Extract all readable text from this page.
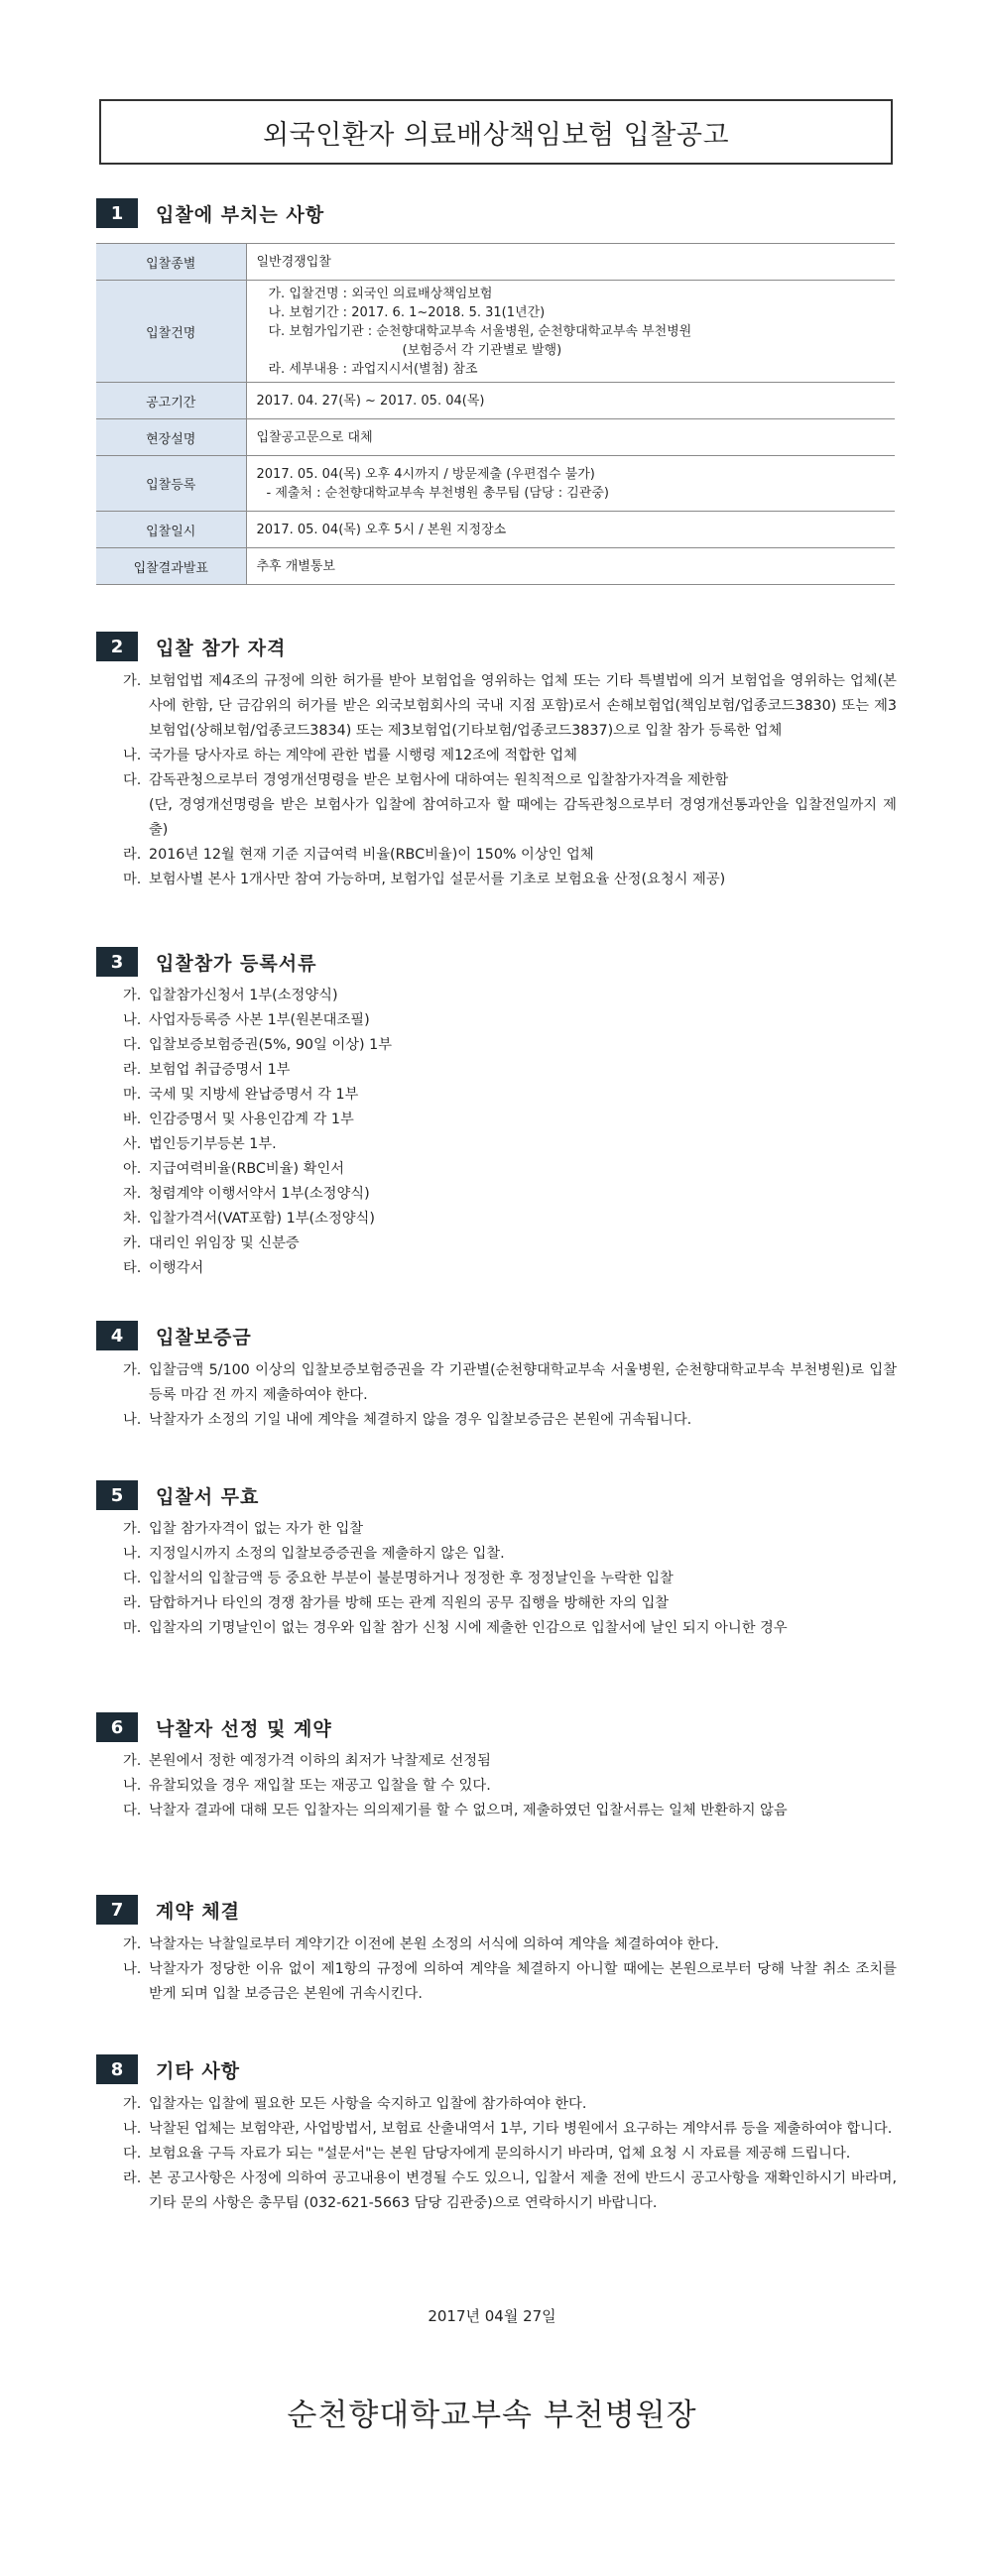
외국인환자 의료배상책임보험 입찰공고
1	입찰에 부치는 사항
입찰종별	일반경쟁입찰
입찰건명	가. 입찰건명 : 외국인 의료배상책임보험
나. 보험기간 : 2017. 6. 1~2018. 5. 31(1년간)
다. 보험가입기관 : 순천향대학교부속 서울병원, 순천향대학교부속 부천병원
(보험증서 각 기관별로 발행)
라. 세부내용 : 과업지시서(별첨) 참조

공고기간	2017. 04. 27(목) ~ 2017. 05. 04(목)
현장설명	입찰공고문으로 대체
입찰등록	2017. 05. 04(목) 오후 4시까지 / 방문제출 (우편접수 불가)
- 제출처 : 순천향대학교부속 부천병원 총무팀 (담당 : 김관중)

입찰일시	2017. 05. 04(목) 오후 5시 / 본원 지정장소
입찰결과발표	추후 개별통보
2	입찰 참가 자격
가. 보험업법 제4조의 규정에 의한 허가를 받아 보험업을 영위하는 업체 또는 기타 특별법에 의거 보험업을 영위하는 업체(본사에 한함, 단 금감위의 허가를 받은 외국보험회사의 국내 지점 포함)로서 손해보험업(책임보험/업종코드3830) 또는 제3보험업(상해보험/업종코드3834) 또는 제3보험업(기타보험/업종코드3837)으로 입찰 참가 등록한 업체
나. 국가를 당사자로 하는 계약에 관한 법률 시행령 제12조에 적합한 업체
다. 감독관청으로부터 경영개선명령을 받은 보험사에 대하여는 원칙적으로 입찰참가자격을 제한함
(단, 경영개선명령을 받은 보험사가 입찰에 참여하고자 할 때에는 감독관청으로부터 경영개선통과안을 입찰전일까지 제출)
라. 2016년 12월 현재 기준 지급여력 비율(RBC비율)이 150% 이상인 업체
마. 보험사별 본사 1개사만 참여 가능하며, 보험가입 설문서를 기초로 보험요율 산정(요청시 제공)
3	입찰참가 등록서류
가. 입찰참가신청서 1부(소정양식)
나. 사업자등록증 사본 1부(원본대조필)
다. 입찰보증보험증권(5%, 90일 이상) 1부
라. 보험업 취급증명서 1부
마. 국세 및 지방세 완납증명서 각 1부
바. 인감증명서 및 사용인감계 각 1부
사. 법인등기부등본 1부.
아. 지급여력비율(RBC비율) 확인서
자. 청렴계약 이행서약서 1부(소정양식)
차. 입찰가격서(VAT포함) 1부(소정양식)
카. 대리인 위임장 및 신분증
타. 이행각서
4	입찰보증금
가. 입찰금액 5/100 이상의 입찰보증보험증권을 각 기관별(순천향대학교부속 서울병원, 순천향대학교부속 부천병원)로 입찰 등록 마감 전 까지 제출하여야 한다.
나. 낙찰자가 소정의 기일 내에 계약을 체결하지 않을 경우 입찰보증금은 본원에 귀속됩니다.
5	입찰서 무효
가. 입찰 참가자격이 없는 자가 한 입찰
나. 지정일시까지 소정의 입찰보증증권을 제출하지 않은 입찰.
다. 입찰서의 입찰금액 등 중요한 부분이 불분명하거나 정정한 후 정정날인을 누락한 입찰
라. 담합하거나 타인의 경쟁 참가를 방해 또는 관계 직원의 공무 집행을 방해한 자의 입찰
마. 입찰자의 기명날인이 없는 경우와 입찰 참가 신청 시에 제출한 인감으로 입찰서에 날인 되지 아니한 경우
6	낙찰자 선정 및 계약
가. 본원에서 정한 예정가격 이하의 최저가 낙찰제로 선정됨
나. 유찰되었을 경우 재입찰 또는 재공고 입찰을 할 수 있다.
다. 낙찰자 결과에 대해 모든 입찰자는 의의제기를 할 수 없으며, 제출하였던 입찰서류는 일체 반환하지 않음
7	계약 체결
가. 낙찰자는 낙찰일로부터 계약기간 이전에 본원 소정의 서식에 의하여 계약을 체결하여야 한다.
나. 낙찰자가 정당한 이유 없이 제1항의 규정에 의하여 계약을 체결하지 아니할 때에는 본원으로부터 당해 낙찰 취소 조치를 받게 되며 입찰 보증금은 본원에 귀속시킨다.
8	기타 사항
가. 입찰자는 입찰에 필요한 모든 사항을 숙지하고 입찰에 참가하여야 한다.
나. 낙찰된 업체는 보험약관, 사업방법서, 보험료 산출내역서 1부, 기타 병원에서 요구하는 계약서류 등을 제출하여야 합니다.
다. 보험요율 구득 자료가 되는 "설문서"는 본원 담당자에게 문의하시기 바라며, 업체 요청 시 자료를 제공해 드립니다.
라. 본 공고사항은 사정에 의하여 공고내용이 변경될 수도 있으니, 입찰서 제출 전에 반드시 공고사항을 재확인하시기 바라며, 기타 문의 사항은 총무팀 (032-621-5663 담당 김관중)으로 연락하시기 바랍니다.
2017년 04월 27일
순천향대학교부속 부천병원장
